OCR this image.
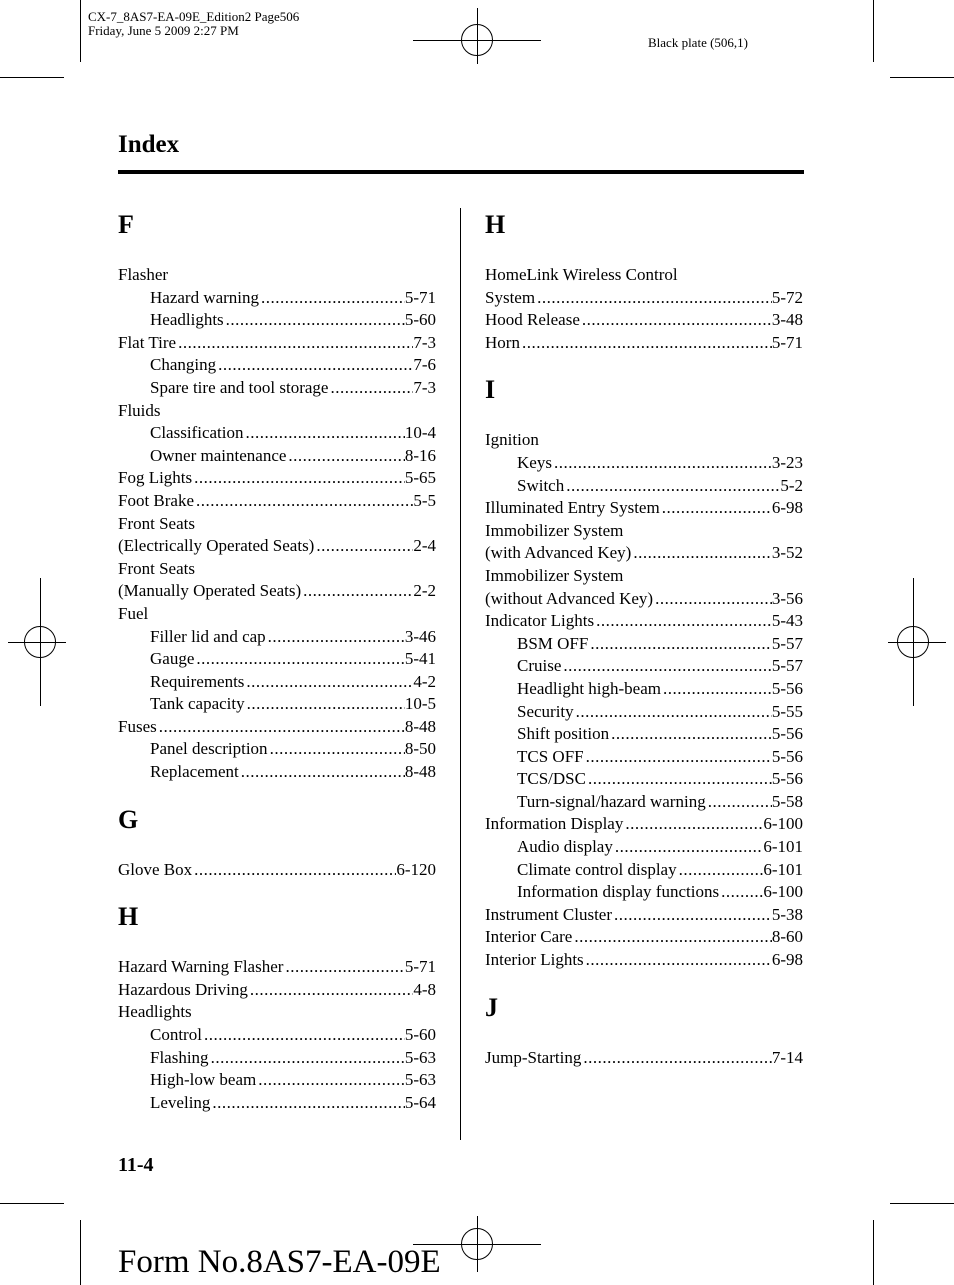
CX-7_8AS7-EA-09E_Edition2 Page506
Friday, June 5 2009 2:27 PM
Black plate (506,1)
Index
F
Flasher
Hazard warning .....	5-71
Headlights .....	5-60
Flat Tire .....	7-3
Changing .....	7-6
Spare tire and tool storage .....	7-3
Fluids
Classification .....	10-4
Owner maintenance .....	8-16
Fog Lights .....	5-65
Foot Brake .....	5-5
Front Seats
(Electrically Operated Seats) .....	2-4
Front Seats
(Manually Operated Seats) .....	2-2
Fuel
Filler lid and cap .....	3-46
Gauge .....	5-41
Requirements .....	4-2
Tank capacity .....	10-5
Fuses .....	8-48
Panel description .....	8-50
Replacement .....	8-48
G
Glove Box .....	6-120
H
Hazard Warning Flasher .....	5-71
Hazardous Driving .....	4-8
Headlights
Control .....	5-60
Flashing .....	5-63
High-low beam .....	5-63
Leveling .....	5-64
H
HomeLink Wireless Control
System .....	5-72
Hood Release .....	3-48
Horn .....	5-71
I
Ignition
Keys .....	3-23
Switch .....	5-2
Illuminated Entry System .....	6-98
Immobilizer System
(with Advanced Key) .....	3-52
Immobilizer System
(without Advanced Key) .....	3-56
Indicator Lights .....	5-43
BSM OFF .....	5-57
Cruise .....	5-57
Headlight high-beam .....	5-56
Security .....	5-55
Shift position .....	5-56
TCS OFF .....	5-56
TCS/DSC .....	5-56
Turn-signal/hazard warning .....	5-58
Information Display .....	6-100
Audio display .....	6-101
Climate control display .....	6-101
Information display functions .....	6-100
Instrument Cluster .....	5-38
Interior Care .....	8-60
Interior Lights .....	6-98
J
Jump-Starting .....	7-14
11-4
Form No.8AS7-EA-09E
